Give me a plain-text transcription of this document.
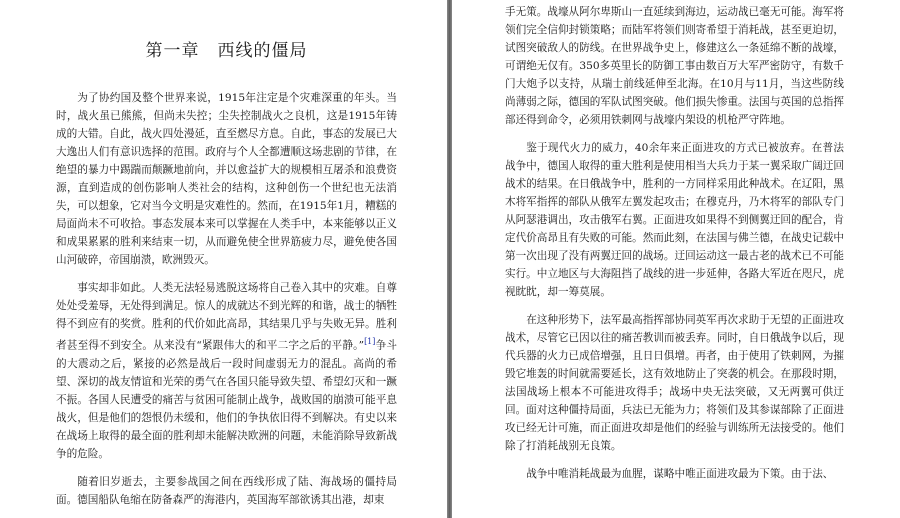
第一章　西线的僵局

为了协约国及整个世界来说，1915年注定是个灾难深重的年头。当时，战火虽已熊熊，但尚未失控；尘失控制战火之良机，这是1915年铸成的大错。自此，战火四处漫延，直至燃尽方息。自此，事态的发展已大大逸出人们有意识选择的范围。政府与个人全都遭顺这场悲剧的节律，在绝望的暴力中踢踹而颠蹶地前向，并以愈益扩大的规模相互屠杀和浪费资源，直到造成的创伤影响人类社会的结构，这种创伤一个世纪也无法消失，可以想象，它对当今文明是灾难性的。然而，在1915年1月，糟糕的局面尚未不可收拾。事态发展本来可以掌握在人类手中，本来能够以正义和成果累累的胜利来结束一切，从而避免使全世界筋疲力尽，避免使各国山河破碎，帝国崩溃，欧洲毁灭。

事实却非如此。人类无法轻易逃脱这场将自己卷入其中的灾难。自尊处处受羞辱，无处得到满足。惊人的成就达不到光辉的和谐，战士的牺牲得不到应有的奖赏。胜利的代价如此高昂，其结果几乎与失败无异。胜利者甚至得不到安全。从来没有“紧跟伟大的和平二字之后的平静。”[1]争斗的大震动之后，紧接的必然是战后一段时间虚弱无力的混乱。高尚的希望、深切的战友情谊和光荣的勇气在各国只能导致失望、希望幻灭和一蹶不振。各国人民遭受的痛苦与贫困可能制止战争，战败国的崩溃可能平息战火，但是他们的怨恨仍未缓和，他们的争执依旧得不到解决。有史以来在战场上取得的最全面的胜利却未能解决欧洲的问题，未能消除导致新战争的危险。

随着旧岁逝去，主要参战国之间在西线形成了陆、海战场的僵持局面。德国船队龟缩在防备森严的海港内，英国海军部欲诱其出港，却束

手无策。战壕从阿尔卑斯山一直延续到海边，运动战已毫无可能。海军将领们完全信仰封锁策略；而陆军将领们则寄希望于消耗战，甚至更迫切，试图突破敌人的防线。在世界战争史上，修建这么一条延绵不断的战壕，可谓绝无仅有。350多英里长的防御工事由数百万大军严密防守，有数千门大炮予以支持，从瑞士前线延伸至北海。在10月与11月，当这些防线尚薄弱之际，德国的军队试图突破。他们损失惨重。法国与英国的总指挥部还得到命令，必须用铁刺网与战壕内架设的机枪严守阵地。

鉴于现代火力的威力，40余年来正面进攻的方式已被放弃。在普法战争中，德国人取得的重大胜利是使用相当大兵力于某一翼采取广阔迂回战术的结果。在日俄战争中，胜利的一方同样采用此种战术。在辽阳，黑木将军指挥的部队从俄军左翼发起攻击；在穆克丹，乃木将军的部队专门从阿瑟港调出，攻击俄军右翼。正面进攻如果得不到侧翼迂回的配合，肯定代价高昂且有失败的可能。然而此刻，在法国与佛兰德，在战史记载中第一次出现了没有两翼迂回的战场。迂回运动这一最古老的战术已不可能实行。中立地区与大海阻挡了战线的进一步延伸，各路大军近在咫尺，虎视眈眈，却一筹莫展。

在这种形势下，法军最高指挥部协同英军再次求助于无望的正面进攻战术，尽管它已因以往的痛苦教训而被丢弃。同时，自日俄战争以后，现代兵器的火力已成倍增强，且日日俱增。再者，由于使用了铁刺网，为摧毁它堆轰的时间就需要延长，这有效地防止了突袭的机会。在那段时期，法国战场上根本不可能进攻得手；战场中央无法突破，又无两翼可供迂回。面对这种僵持局面，兵法已无能为力；将领们及其参谋部除了正面进攻已经无计可施，而正面进攻却是他们的经验与训练所无法接受的。他们除了打消耗战别无良策。

战争中唯消耗战最为血腥，谋略中唯正面进攻最为下策。由于法、
